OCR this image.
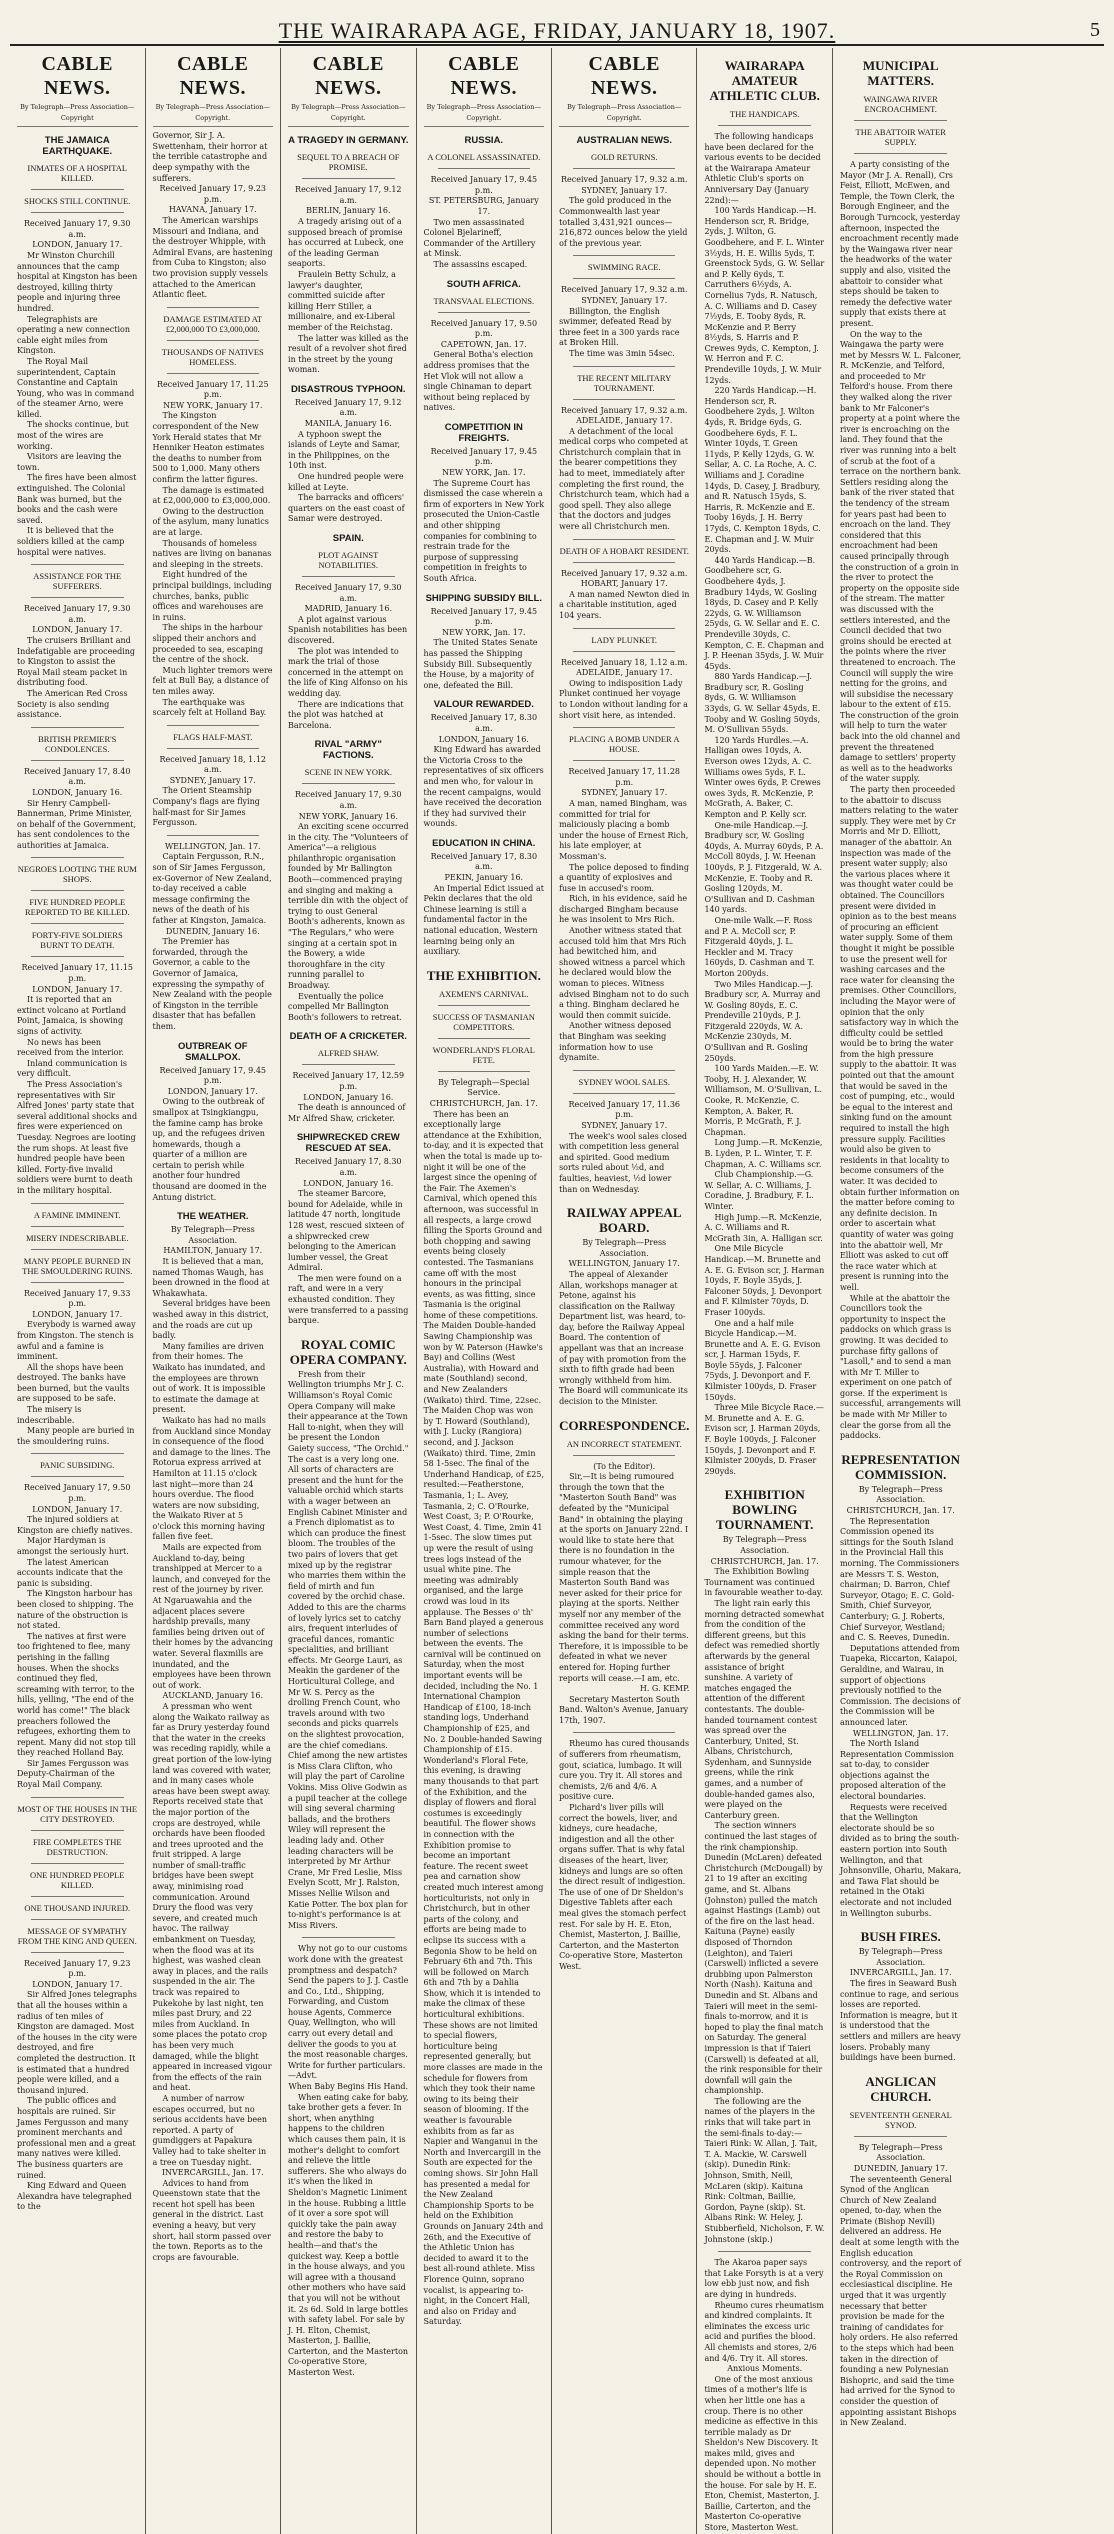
THE WAIRARAPA AGE, FRIDAY, JANUARY 18, 1907.	5
CABLE NEWS.
By Telegraph—Press Association—Copyright
THE JAMAICA EARTHQUAKE.
INMATES OF A HOSPITAL KILLED.
SHOCKS STILL CONTINUE.

Received January 17, 9.30 a.m.

LONDON, January 17.

Mr Winston Churchill announces that the camp hospital at Kingston has been destroyed, killing thirty people and injuring three hundred.

Telegraphists are operating a new connection cable eight miles from Kingston.

The Royal Mail superintendent, Captain Constantine and Captain Young, who was in command of the steamer Arno, were killed.

The shocks continue, but most of the wires are working.

Visitors are leaving the town.

The fires have been almost extinguished. The Colonial Bank was burned, but the books and the cash were saved.

It is believed that the soldiers killed at the camp hospital were natives.

ASSISTANCE FOR THE SUFFERERS.

Received January 17, 9.30 a.m.

LONDON, January 17.

The cruisers Brilliant and Indefatigable are proceeding to Kingston to assist the Royal Mail steam packet in distributing food.

The American Red Cross Society is also sending assistance.

BRITISH PREMIER'S CONDOLENCES.

Received January 17, 8.40 a.m.

LONDON, January 16.

Sir Henry Campbell-Bannerman, Prime Minister, on behalf of the Government, has sent condolences to the authorities at Jamaica.

NEGROES LOOTING THE RUM SHOPS.
FIVE HUNDRED PEOPLE REPORTED TO BE KILLED.
FORTY-FIVE SOLDIERS BURNT TO DEATH.

Received January 17, 11.15 p.m.

LONDON, January 17.

It is reported that an extinct volcano at Portland Point, Jamaica, is showing signs of activity.

No news has been received from the interior.

Inland communication is very difficult.

The Press Association's representatives with Sir Alfred Jones' party state that several additional shocks and fires were experienced on Tuesday. Negroes are looting the rum shops. At least five hundred people have been killed. Forty-five invalid soldiers were burnt to death in the military hospital.

A FAMINE IMMINENT.
MISERY INDESCRIBABLE.
MANY PEOPLE BURNED IN THE SMOULDERING RUINS.

Received January 17, 9.33 p.m.

LONDON, January 17.

Everybody is warned away from Kingston. The stench is awful and a famine is imminent.

All the shops have been destroyed. The banks have been burned, but the vaults are supposed to be safe.

The misery is indescribable.

Many people are buried in the smouldering ruins.

PANIC SUBSIDING.

Received January 17, 9.50 p.m.

LONDON, January 17.

The injured soldiers at Kingston are chiefly natives.

Major Hardyman is amongst the seriously hurt.

The latest American accounts indicate that the panic is subsiding.

The Kingston harbour has been closed to shipping. The nature of the obstruction is not stated.

The natives at first were too frightened to flee, many perishing in the falling houses. When the shocks continued they fled, screaming with terror, to the hills, yelling, "The end of the world has come!" The black preachers followed the refugees, exhorting them to repent. Many did not stop till they reached Holland Bay.

Sir James Fergusson was Deputy-Chairman of the Royal Mail Company.

MOST OF THE HOUSES IN THE CITY DESTROYED.
FIRE COMPLETES THE DESTRUCTION.
ONE HUNDRED PEOPLE KILLED.
ONE THOUSAND INJURED.
MESSAGE OF SYMPATHY FROM THE KING AND QUEEN.

Received January 17, 9.23 p.m.

LONDON, January 17.

Sir Alfred Jones telegraphs that all the houses within a radius of ten miles of Kingston are damaged. Most of the houses in the city were destroyed, and fire completed the destruction. It is estimated that a hundred people were killed, and a thousand injured.

The public offices and hospitals are ruined. Sir James Fergusson and many prominent merchants and professional men and a great many natives were killed. The business quarters are ruined.

King Edward and Queen Alexandra have telegraphed to the

CABLE NEWS.
By Telegraph—Press Association—Copyright.

Governor, Sir J. A. Swettenham, their horror at the terrible catastrophe and deep sympathy with the sufferers.

Received January 17, 9.23 p.m.

HAVANA, January 17.

The American warships Missouri and Indiana, and the destroyer Whipple, with Admiral Evans, are hastening from Cuba to Kingston; also two provision supply vessels attached to the American Atlantic fleet.

DAMAGE ESTIMATED AT £2,000,000 TO £3,000,000.
THOUSANDS OF NATIVES HOMELESS.

Received January 17, 11.25 p.m.

NEW YORK, January 17.

The Kingston correspondent of the New York Herald states that Mr Henniker Heaton estimates the deaths to number from 500 to 1,000. Many others confirm the latter figures.

The damage is estimated at £2,000,000 to £3,000,000.

Owing to the destruction of the asylum, many lunatics are at large.

Thousands of homeless natives are living on bananas and sleeping in the streets.

Eight hundred of the principal buildings, including churches, banks, public offices and warehouses are in ruins.

The ships in the harbour slipped their anchors and proceeded to sea, escaping the centre of the shock.

Much lighter tremors were felt at Bull Bay, a distance of ten miles away.

The earthquake was scarcely felt at Holland Bay.

FLAGS HALF-MAST.

Received January 18, 1.12 a.m.

SYDNEY, January 17.

The Orient Steamship Company's flags are flying half-mast for Sir James Fergusson.

WELLINGTON, Jan. 17.

Captain Fergusson, R.N., son of Sir James Fergusson, ex-Governor of New Zealand, to-day received a cable message confirming the news of the death of his father at Kingston, Jamaica.

DUNEDIN, January 16.

The Premier has forwarded, through the Governor, a cable to the Governor of Jamaica, expressing the sympathy of New Zealand with the people of Kingston in the terrible disaster that has befallen them.

OUTBREAK OF SMALLPOX.

Received January 17, 9.45 p.m.

LONDON, January 17.

Owing to the outbreak of smallpox at Tsingkiangpu, the famine camp has broke up, and the refugees driven homewards, though a quarter of a million are certain to perish while another four hundred thousand are doomed in the Antung district.

THE WEATHER.

By Telegraph—Press Association.

HAMILTON, January 17.

It is believed that a man, named Thomas Waugh, has been drowned in the flood at Whakawhata.

Several bridges have been washed away in this district, and the roads are cut up badly.

Many families are driven from their homes. The Waikato has inundated, and the employees are thrown out of work. It is impossible to estimate the damage at present.

Waikato has had no mails from Auckland since Monday in consequence of the flood and damage to the lines. The Rotorua express arrived at Hamilton at 11.15 o'clock last night—more than 24 hours overdue. The flood waters are now subsiding, the Waikato River at 5 o'clock this morning having fallen five feet.

Mails are expected from Auckland to-day, being transhipped at Mercer to a launch, and conveyed for the rest of the journey by river. At Ngaruawahia and the adjacent places severe hardship prevails, many families being driven out of their homes by the advancing water. Several flaxmills are inundated, and the employees have been thrown out of work.

AUCKLAND, January 16.

A pressman who went along the Waikato railway as far as Drury yesterday found that the water in the creeks was receding rapidly, while a great portion of the low-lying land was covered with water, and in many cases whole areas have been swept away. Reports received state that the major portion of the crops are destroyed, while orchards have been flooded and trees uprooted and the fruit stripped. A large number of small-traffic bridges have been swept away, minimising road communication. Around Drury the flood was very severe, and created much havoc. The railway embankment on Tuesday, when the flood was at its highest, was washed clean away in places, and the rails suspended in the air. The track was repaired to Pukekohe by last night, ten miles past Drury, and 22 miles from Auckland. In some places the potato crop has been very much damaged, while the blight appeared in increased vigour from the effects of the rain and heat.

A number of narrow escapes occurred, but no serious accidents have been reported. A party of gumdiggers at Papakura Valley had to take shelter in a tree on Tuesday night.

INVERCARGILL, Jan. 17.

Advices to hand from Queenstown state that the recent hot spell has been general in the district. Last evening a heavy, but very short, hail storm passed over the town. Reports as to the crops are favourable.

CABLE NEWS.
By Telegraph—Press Association—Copyright.
A TRAGEDY IN GERMANY.
SEQUEL TO A BREACH OF PROMISE.

Received January 17, 9.12 a.m.

BERLIN, January 16.

A tragedy arising out of a supposed breach of promise has occurred at Lubeck, one of the leading German seaports.

Fraulein Betty Schulz, a lawyer's daughter, committed suicide after killing Herr Stiller, a millionaire, and ex-Liberal member of the Reichstag.

The latter was killed as the result of a revolver shot fired in the street by the young woman.

DISASTROUS TYPHOON.

Received January 17, 9.12 a.m.

MANILA, January 16.

A typhoon swept the islands of Leyte and Samar, in the Philippines, on the 10th inst.

One hundred people were killed at Leyte.

The barracks and officers' quarters on the east coast of Samar were destroyed.

SPAIN.
PLOT AGAINST NOTABILITIES.

Received January 17, 9.30 a.m.

MADRID, January 16.

A plot against various Spanish notabilities has been discovered.

The plot was intended to mark the trial of those concerned in the attempt on the life of King Alfonso on his wedding day.

There are indications that the plot was hatched at Barcelona.

RIVAL "ARMY" FACTIONS.
SCENE IN NEW YORK.

Received January 17, 9.30 a.m.

NEW YORK, January 16.

An exciting scene occurred in the city. The "Volunteers of America"—a religious philanthropic organisation founded by Mr Ballington Booth—commenced praying and singing and making a terrible din with the object of trying to oust General Booth's adherents, known as "The Regulars," who were singing at a certain spot in the Bowery, a wide thoroughfare in the city running parallel to Broadway.

Eventually the police compelled Mr Ballington Booth's followers to retreat.

DEATH OF A CRICKETER.
ALFRED SHAW.

Received January 17, 12.59 p.m.

LONDON, January 16.

The death is announced of Mr Alfred Shaw, cricketer.

SHIPWRECKED CREW RESCUED AT SEA.

Received January 17, 8.30 a.m.

LONDON, January 16.

The steamer Barcore, bound for Adelaide, while in latitude 47 north, longitude 128 west, rescued sixteen of a shipwrecked crew belonging to the American lumber vessel, the Great Admiral.

The men were found on a raft, and were in a very exhausted condition. They were transferred to a passing barque.

ROYAL COMIC OPERA COMPANY.

Fresh from their Wellington triumphs Mr J. C. Williamson's Royal Comic Opera Company will make their appearance at the Town Hall to-night, when they will be present the London Gaiety success, "The Orchid." The cast is a very long one. All sorts of characters are present and the hunt for the valuable orchid which starts with a wager between an English Cabinet Minister and a French diplomatist as to which can produce the finest bloom. The troubles of the two pairs of lovers that get mixed up by the registrar who marries them within the field of mirth and fun covered by the orchid chase. Added to this are the charms of lovely lyrics set to catchy airs, frequent interludes of graceful dances, romantic specialities, and brilliant effects. Mr George Lauri, as Meakin the gardener of the Horticultural College, and Mr W. S. Percy as the drolling French Count, who travels around with two seconds and picks quarrels on the slightest provocation, are the chief comedians. Chief among the new artistes is Miss Clara Clifton, who will play the part of Caroline Vokins. Miss Olive Godwin as a pupil teacher at the college will sing several charming ballads, and the brothers Wiley will represent the leading lady and. Other leading characters will be interpreted by Mr Arthur Crane, Mr Fred Leslie, Miss Evelyn Scott, Mr J. Ralston, Misses Nellie Wilson and Katie Potter. The box plan for to-night's performance is at Miss Rivers.

Why not go to our customs work done with the greatest promptness and despatch? Send the papers to J. J. Castle and Co., Ltd., Shipping, Forwarding, and Custom house Agents, Commerce Quay, Wellington, who will carry out every detail and deliver the goods to you at the most reasonable charges. Write for further particulars.—Advt.

When Baby Begins His Hand.

When eating cake for baby, take brother gets a fever. In short, when anything happens to the children which causes them pain, it is mother's delight to comfort and relieve the little sufferers. She who always do it's when the liked in Sheldon's Magnetic Liniment in the house. Rubbing a little of it over a sore spot will quickly take the pain away and restore the baby to health—and that's the quickest way. Keep a bottle in the house always, and you will agree with a thousand other mothers who have said that you will not be without it. 2s 6d. Sold in large bottles with safety label. For sale by J. H. Elton, Chemist, Masterton, J. Baillie, Carterton, and the Masterton Co-operative Store, Masterton West.

CABLE NEWS.
By Telegraph—Press Association—Copyright.
RUSSIA.
A COLONEL ASSASSINATED.

Received January 17, 9.45 p.m.

ST. PETERSBURG, January 17.

Two men assassinated Colonel Bjelarineff, Commander of the Artillery at Minsk.

The assassins escaped.

SOUTH AFRICA.
TRANSVAAL ELECTIONS.

Received January 17, 9.50 p.m.

CAPETOWN, Jan. 17.

General Botha's election address promises that the Het Vlok will not allow a single Chinaman to depart without being replaced by natives.

COMPETITION IN FREIGHTS.

Received January 17, 9.45 p.m.

NEW YORK, Jan. 17.

The Supreme Court has dismissed the case wherein a firm of exporters in New York prosecuted the Union-Castle and other shipping companies for combining to restrain trade for the purpose of suppressing competition in freights to South Africa.

SHIPPING SUBSIDY BILL.

Received January 17, 9.45 p.m.

NEW YORK, Jan. 17.

The United States Senate has passed the Shipping Subsidy Bill. Subsequently the House, by a majority of one, defeated the Bill.

VALOUR REWARDED.

Received January 17, 8.30 a.m.

LONDON, January 16.

King Edward has awarded the Victoria Cross to the representatives of six officers and men who, for valour in the recent campaigns, would have received the decoration if they had survived their wounds.

EDUCATION IN CHINA.

Received January 17, 8.30 a.m.

PEKIN, January 16.

An Imperial Edict issued at Pekin declares that the old Chinese learning is still a fundamental factor in the national education, Western learning being only an auxiliary.

THE EXHIBITION.
AXEMEN'S CARNIVAL.
SUCCESS OF TASMANIAN COMPETITORS.
WONDERLAND'S FLORAL FETE.

By Telegraph—Special Service.

CHRISTCHURCH, Jan. 17.

There has been an exceptionally large attendance at the Exhibition, to-day, and it is expected that when the total is made up to-night it will be one of the largest since the opening of the Fair. The Axemen's Carnival, which opened this afternoon, was successful in all respects, a large crowd filling the Sports Ground and both chopping and sawing events being closely contested. The Tasmanians came off with the most honours in the principal events, as was fitting, since Tasmania is the original home of these competitions. The Maiden Double-handed Sawing Championship was won by W. Paterson (Hawke's Bay) and Collins (West Australia), with Howard and mate (Southland) second, and New Zealanders (Waikato) third. Time, 22sec. The Maiden Chop was won by T. Howard (Southland), with J. Lucky (Rangiora) second, and J. Jackson (Waikato) third. Time, 2min 58 1-5sec. The final of the Underhand Handicap, of £25, resulted:—Featherstone, Tasmania, 1; L. Avey, Tasmania, 2; C. O'Rourke, West Coast, 3; P. O'Rourke, West Coast, 4. Time, 2min 41 1-5sec. The slow times put up were the result of using trees logs instead of the usual white pine. The meeting was admirably organised, and the large crowd was loud in its applause. The Besses o' th' Barn Band played a generous number of selections between the events. The carnival will be continued on Saturday, when the most important events will be decided, including the No. 1 International Champion Handicap of £100, 18-inch standing logs, Underhand Championship of £25, and No. 2 Double-handed Sawing Championship of £15. Wonderland's Floral Fete, this evening, is drawing many thousands to that part of the Exhibition, and the display of flowers and floral costumes is exceedingly beautiful. The flower shows in connection with the Exhibition promise to become an important feature. The recent sweet pea and carnation show created much interest among horticulturists, not only in Christchurch, but in other parts of the colony, and efforts are being made to eclipse its success with a Begonia Show to be held on February 6th and 7th. This will be followed on March 6th and 7th by a Dahlia Show, which it is intended to make the climax of these horticultural exhibitions. These shows are not limited to special flowers, horticulture being represented generally, but more classes are made in the schedule for flowers from which they took their name owing to its being their season of blooming. If the weather is favourable exhibits from as far as Napier and Wanganui in the North and Invercargill in the South are expected for the coming shows. Sir John Hall has presented a medal for the New Zealand Championship Sports to be held on the Exhibition Grounds on January 24th and 26th, and the Executive of the Athletic Union has decided to award it to the best all-round athlete. Miss Florence Quinn, soprano vocalist, is appearing to-night, in the Concert Hall, and also on Friday and Saturday.

CABLE NEWS.
By Telegraph—Press Association—Copyright.
AUSTRALIAN NEWS.
GOLD RETURNS.

Received January 17, 9.32 a.m.

SYDNEY, January 17.

The gold produced in the Commonwealth last year totalled 3,431,921 ounces—216,872 ounces below the yield of the previous year.

SWIMMING RACE.

Received January 17, 9.32 a.m.

SYDNEY, January 17.

Billington, the English swimmer, defeated Read by three feet in a 300 yards race at Broken Hill.

The time was 3min 54sec.

THE RECENT MILITARY TOURNAMENT.

Received January 17, 9.32 a.m.

ADELAIDE, January 17.

A detachment of the local medical corps who competed at Christchurch complain that in the bearer competitions they had to meet, immediately after completing the first round, the Christchurch team, which had a good spell. They also allege that the doctors and judges were all Christchurch men.

DEATH OF A HOBART RESIDENT.

Received January 17, 9.32 a.m.

HOBART, January 17.

A man named Newton died in a charitable institution, aged 104 years.

LADY PLUNKET.

Received January 18, 1.12 a.m.

ADELAIDE, January 17.

Owing to indisposition Lady Plunket continued her voyage to London without landing for a short visit here, as intended.

PLACING A BOMB UNDER A HOUSE.

Received January 17, 11.28 p.m.

SYDNEY, January 17.

A man, named Bingham, was committed for trial for maliciously placing a bomb under the house of Ernest Rich, his late employer, at Mossman's.

The police deposed to finding a quantity of explosives and fuse in accused's room.

Rich, in his evidence, said he discharged Bingham because he was insolent to Mrs Rich.

Another witness stated that accused told him that Mrs Rich had bewitched him, and showed witness a parcel which he declared would blow the woman to pieces. Witness advised Bingham not to do such a thing. Bingham declared he would then commit suicide.

Another witness deposed that Bingham was seeking information how to use dynamite.

SYDNEY WOOL SALES.

Received January 17, 11.36 p.m.

SYDNEY, January 17.

The week's wool sales closed with competition less general and spirited. Good medium sorts ruled about ½d, and faulties, heaviest, ½d lower than on Wednesday.

RAILWAY APPEAL BOARD.

By Telegraph—Press Association.

WELLINGTON, January 17.

The appeal of Alexander Allan, workshops manager at Petone, against his classification on the Railway Department list, was heard, to-day, before the Railway Appeal Board. The contention of appellant was that an increase of pay with promotion from the sixth to fifth grade had been wrongly withheld from him. The Board will communicate its decision to the Minister.

CORRESPONDENCE.
AN INCORRECT STATEMENT.

(To the Editor).

Sir,—It is being rumoured through the town that the "Masterton South Band" was defeated by the "Municipal Band" in obtaining the playing at the sports on January 22nd. I would like to state here that there is no foundation in the rumour whatever, for the simple reason that the Masterton South Band was never asked for their price for playing at the sports. Neither myself nor any member of the committee received any word asking the band for their terms. Therefore, it is impossible to be defeated in what we never entered for. Hoping further reports will cease.—I am, etc.

H. G. KEMP.

Secretary Masterton South Band. Walton's Avenue, January 17th, 1907.

Rheumo has cured thousands of sufferers from rheumatism, gout, sciatica, lumbago. It will cure you. Try it. All stores and chemists, 2/6 and 4/6. A positive cure.

Pichard's liver pills will correct the bowels, liver, and kidneys, cure headache, indigestion and all the other organs suffer. That is why fatal diseases of the heart, liver, kidneys and lungs are so often the direct result of indigestion. The use of one of Dr Sheldon's Digestive Tablets after each meal gives the stomach perfect rest. For sale by H. E. Eton, Chemist, Masterton, J. Baillie, Carterton, and the Masterton Co-operative Store, Masterton West.

WAIRARAPA AMATEUR ATHLETIC CLUB.
THE HANDICAPS.

The following handicaps have been declared for the various events to be decided at the Wairarapa Amateur Athletic Club's sports on Anniversary Day (January 22nd):—

100 Yards Handicap.—H. Henderson scr, R. Bridge, 2yds, J. Wilton, G. Goodbehere, and F. L. Winter 3½yds, H. E. Willis 5yds, T. Greenstock 5yds, G. W. Sellar and P. Kelly 6yds, T. Carruthers 6½yds, A. Cornelius 7yds, R. Natusch, A. C. Williams and D. Casey 7½yds, E. Tooby 8yds, R. McKenzie and P. Berry 8½yds, S. Harris and P. Crewes 9yds, C. Kempton, J. W. Herron and F. C. Prendeville 10yds, J. W. Muir 12yds.

220 Yards Handicap.—H. Henderson scr, R. Goodbehere 2yds, J. Wilton 4yds, R. Bridge 6yds, G. Goodbehere 6yds, F. L. Winter 10yds, T. Green 11yds, P. Kelly 12yds, G. W. Sellar, A. C. La Roche, A. C. Williams and J. Coradine 14yds, D. Casey, J. Bradbury, and R. Natusch 15yds, S. Harris, R. McKenzie and E. Tooby 16yds, J. H. Berry 17yds, C. Kempton 18yds, C. E. Chapman and J. W. Muir 20yds.

440 Yards Handicap.—B. Goodbehere scr, G. Goodbehere 4yds, J. Bradbury 14yds, W. Gosling 18yds, D. Casey and P. Kelly 22yds, G. W. Williamson 25yds, G. W. Sellar and E. C. Prendeville 30yds, C. Kempton, C. E. Chapman and J. P. Heenan 35yds, J. W. Muir 45yds.

880 Yards Handicap.—J. Bradbury scr, R. Gosling 8yds, G. W. Williamson 33yds, G. W. Sellar 45yds, E. Tooby and W. Gosling 50yds, M. O'Sullivan 55yds.

120 Yards Hurdles.—A. Halligan owes 10yds, A. Everson owes 12yds, A. C. Williams owes 5yds, F. L. Winter owes 6yds, P. Crewes owes 3yds, R. McKenzie, P. McGrath, A. Baker, C. Kempton and P. Kelly scr.

One-mile Handicap.—J. Bradbury scr, W. Gosling 40yds, A. Murray 60yds, P. A. McColl 80yds, J. W. Heenan 100yds, P. J. Fitzgerald, W. A. McKenzie, E. Tooby and R. Gosling 120yds, M. O'Sullivan and D. Cashman 140 yards.

One-mile Walk.—F. Ross and P. A. McColl scr, P. Fitzgerald 40yds, J. L. Heckler and M. Tracy 160yds, D. Cashman and T. Morton 200yds.

Two Miles Handicap.—J. Bradbury scr, A. Murray and W. Gosling 80yds, E. C. Prendeville 210yds, P. J. Fitzgerald 220yds, W. A. McKenzie 230yds, M. O'Sullivan and R. Gosling 250yds.

100 Yards Maiden.—E. W. Tooby, H. J. Alexander, W. Williamson, M. O'Sullivan, L. Cooke, R. McKenzie, C. Kempton, A. Baker, R. Morris, P. McGrath, F. J. Chapman.

Long Jump.—R. McKenzie, B. Lyden, P. L. Winter, T. F. Chapman, A. C. Williams scr.

Club Championship.—G. W. Sellar, A. C. Williams, J. Coradine, J. Bradbury, F. L. Winter.

High Jump.—R. McKenzie, A. C. Williams and R. McGrath 3in, A. Halligan scr.

One Mile Bicycle Handicap.—M. Brunette and A. E. G. Evison scr, J. Harman 10yds, F. Boyle 35yds, J. Falconer 50yds, J. Devonport and F. Kilmister 70yds, D. Fraser 100yds.

One and a half mile Bicycle Handicap.—M. Brunette and A. E. G. Evison scr, J. Harman 15yds, F. Boyle 55yds, J. Falconer 75yds, J. Devonport and F. Kilmister 100yds, D. Fraser 150yds.

Three Mile Bicycle Race.—M. Brunette and A. E. G. Evison scr, J. Harman 20yds, F. Boyle 100yds, J. Falconer 150yds, J. Devonport and F. Kilmister 200yds, D. Fraser 290yds.

EXHIBITION BOWLING TOURNAMENT.

By Telegraph—Press Association.

CHRISTCHURCH, Jan. 17.

The Exhibition Bowling Tournament was continued in favourable weather to-day.

The light rain early this morning detracted somewhat from the condition of the different greens, but this defect was remedied shortly afterwards by the general assistance of bright sunshine. A variety of matches engaged the attention of the different contestants. The double-handed tournament contest was spread over the Canterbury, United, St. Albans, Christchurch, Sydenham, and Sunnyside greens, while the rink games, and a number of double-handed games also, were played on the Canterbury green.

The section winners continued the last stages of the rink championship. Dunedin (McLaren) defeated Christchurch (McDougall) by 21 to 19 after an exciting game, and St. Albans (Johnston) pulled the match against Hastings (Lamb) out of the fire on the last head. Kaituna (Payne) easily disposed of Thorndon (Leighton), and Taieri (Carswell) inflicted a severe drubbing upon Palmerston North (Nash). Kaituna and Dunedin and St. Albans and Taieri will meet in the semi-finals to-morrow, and it is hoped to play the final match on Saturday. The general impression is that if Taieri (Carswell) is defeated at all, the rink responsible for their downfall will gain the championship.

The following are the names of the players in the rinks that will take part in the semi-finals to-day:—Taieri Rink: W. Allan, J. Tait, T. A. Mackie, W. Carswell (skip). Dunedin Rink: Johnson, Smith, Neill, McLaren (skip). Kaituna Rink: Coltman, Baillie, Gordon, Payne (skip). St. Albans Rink: W. Heley, J. Stubberfield, Nicholson, F. W. Johnstone (skip.)

The Akaroa paper says that Lake Forsyth is at a very low ebb just now, and fish are dying in hundreds.

Rheumo cures rheumatism and kindred complaints. It eliminates the excess uric acid and purifies the blood. All chemists and stores, 2/6 and 4/6. Try it. All stores.

Anxious Moments.

One of the most anxious times of a mother's life is when her little one has a croup. There is no other medicine as effective in this terrible malady as Dr Sheldon's New Discovery. It makes mild, gives and depended upon. No mother should be without a bottle in the house. For sale by H. E. Eton, Chemist, Masterton, J. Baillie, Carterton, and the Masterton Co-operative Store, Masterton West.

MUNICIPAL MATTERS.
WAINGAWA RIVER ENCROACHMENT.
THE ABATTOIR WATER SUPPLY.

A party consisting of the Mayor (Mr J. A. Renall), Crs Feist, Elliott, McEwen, and Temple, the Town Clerk, the Borough Engineer, and the Borough Turncock, yesterday afternoon, inspected the encroachment recently made by the Waingawa river near the headworks of the water supply and also, visited the abattoir to consider what steps should be taken to remedy the defective water supply that exists there at present.

On the way to the Waingawa the party were met by Messrs W. L. Falconer, R. McKenzie, and Telford, and proceeded to Mr Telford's house. From there they walked along the river bank to Mr Falconer's property at a point where the river is encroaching on the land. They found that the river was running into a belt of scrub at the foot of a terrace on the northern bank. Settlers residing along the bank of the river stated that the tendency of the stream for years past had been to encroach on the land. They considered that this encroachment had been caused principally through the construction of a groin in the river to protect the property on the opposite side of the stream. The matter was discussed with the settlers interested, and the Council decided that two groins should be erected at the points where the river threatened to encroach. The Council will supply the wire netting for the groins, and will subsidise the necessary labour to the extent of £15. The construction of the groin will help to turn the water back into the old channel and prevent the threatened damage to settlers' property as well as to the headworks of the water supply.

The party then proceeded to the abattoir to discuss matters relating to the water supply. They were met by Cr Morris and Mr D. Elliott, manager of the abattoir. An inspection was made of the present water supply; also the various places where it was thought water could be obtained. The Councillors present were divided in opinion as to the best means of procuring an efficient water supply. Some of them thought it might be possible to use the present well for washing carcases and the race water for cleansing the premises. Other Councillors, including the Mayor were of opinion that the only satisfactory way in which the difficulty could be settled would be to bring the water from the high pressure supply to the abattoir. It was pointed out that the amount that would be saved in the cost of pumping, etc., would be equal to the interest and sinking fund on the amount required to install the high pressure supply. Facilities would also be given to residents in that locality to become consumers of the water. It was decided to obtain further information on the matter before coming to any definite decision. In order to ascertain what quantity of water was going into the abattoir well, Mr Elliott was asked to cut off the race water which at present is running into the well.

While at the abattoir the Councillors took the opportunity to inspect the paddocks on which grass is growing. It was decided to purchase fifty gallons of "Lasoll," and to send a man with Mr T. Miller to experiment on one patch of gorse. If the experiment is successful, arrangements will be made with Mr Miller to clear the gorse from all the paddocks.

REPRESENTATION COMMISSION.

By Telegraph—Press Association.

CHRISTCHURCH, Jan. 17.

The Representation Commission opened its sittings for the South Island in the Provincial Hall this morning. The Commissioners are Messrs T. S. Weston, chairman; D. Barron, Chief Surveyor, Otago; E. C. Gold-Smith, Chief Surveyor, Canterbury; G. J. Roberts, Chief Surveyor, Westland; and C. S. Reeves, Dunedin.

Deputations attended from Tuapeka, Riccarton, Kaiapoi, Geraldine, and Wairau, in support of objections previously notified to the Commission. The decisions of the Commission will be announced later.

WELLINGTON, Jan. 17.

The North Island Representation Commission sat to-day, to consider objections against the proposed alteration of the electoral boundaries.

Requests were received that the Wellington electorate should be so divided as to bring the south-eastern portion into South Wellington, and that Johnsonville, Ohariu, Makara, and Tawa Flat should be retained in the Otaki electorate and not included in Wellington suburbs.

BUSH FIRES.

By Telegraph—Press Association.

INVERCARGILL, Jan. 17.

The fires in Seaward Bush continue to rage, and serious losses are reported. Information is meagre, but it is understood that the settlers and millers are heavy losers. Probably many buildings have been burned.

ANGLICAN CHURCH.
SEVENTEENTH GENERAL SYNOD.

By Telegraph—Press Association.

DUNEDIN, January 17.

The seventeenth General Synod of the Anglican Church of New Zealand opened, to-day, when the Primate (Bishop Nevill) delivered an address. He dealt at some length with the English education controversy, and the report of the Royal Commission on ecclesiastical discipline. He urged that it was urgently necessary that better provision be made for the training of candidates for holy orders. He also referred to the steps which had been taken in the direction of founding a new Polynesian Bishopric, and said the time had arrived for the Synod to consider the question of appointing assistant Bishops in New Zealand.
